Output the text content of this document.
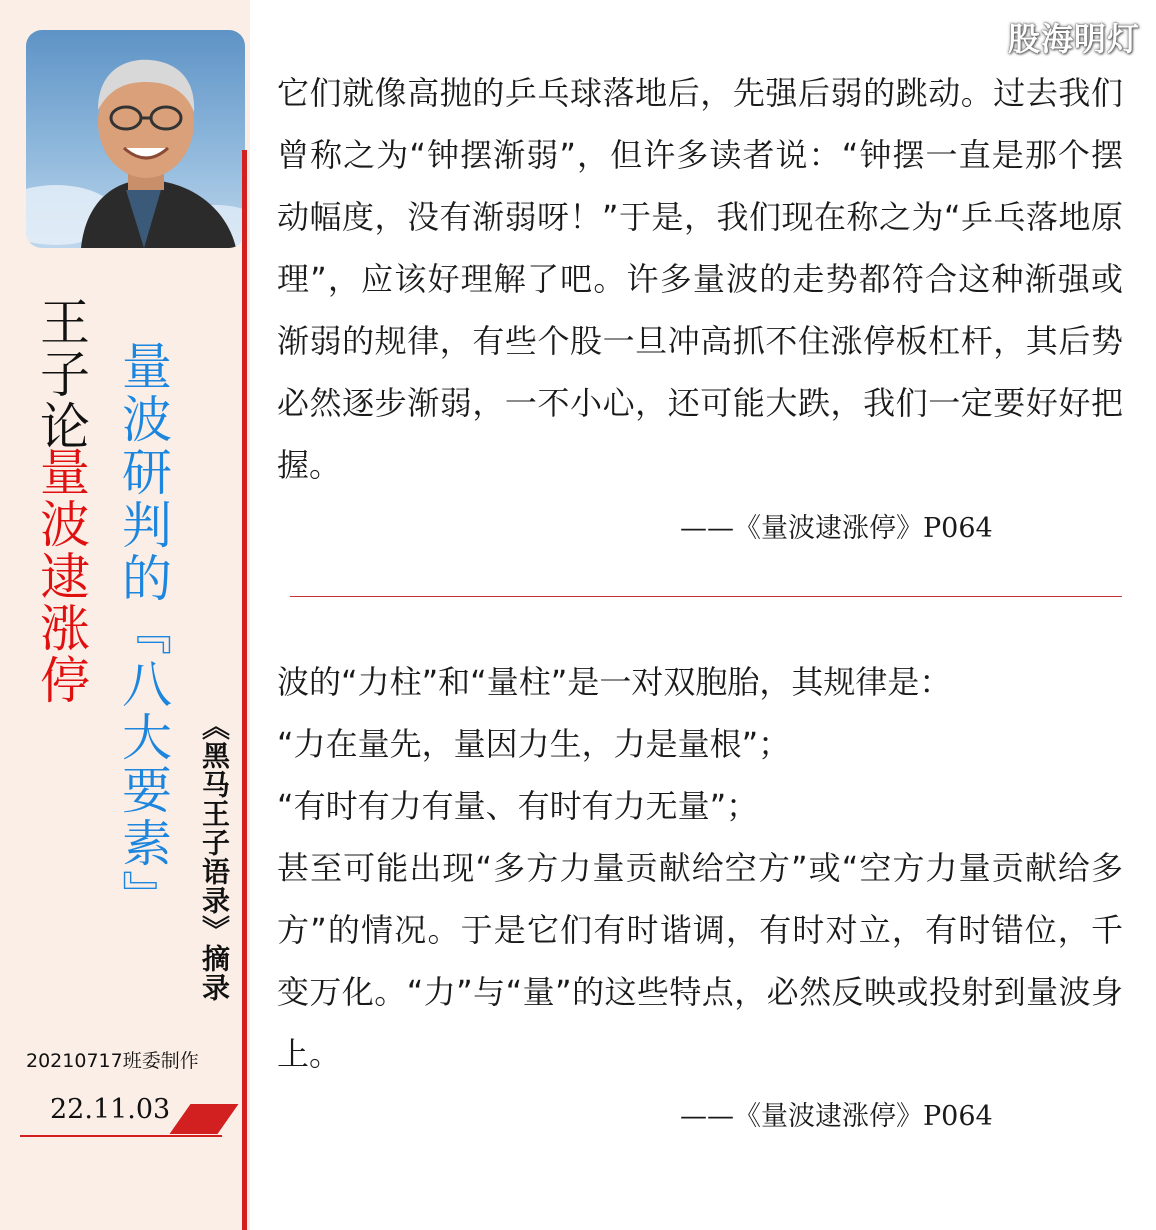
王子论
量波逮涨停 量波研判的『八大要素』 《黑马王子语录》摘录
20210717班委制作
22.11.03
股海明灯

它们就像高抛的乒乓球落地后，先强后弱的跳动。过去我们曾称之为“钟摆渐弱”，但许多读者说：“钟摆一直是那个摆动幅度，没有渐弱呀！”于是，我们现在称之为“乒乓落地原理”，应该好理解了吧。许多量波的走势都符合这种渐强或渐弱的规律，有些个股一旦冲高抓不住涨停板杠杆，其后势必然逐步渐弱，一不小心，还可能大跌，我们一定要好好把握。

——《量波逮涨停》P064

波的“力柱”和“量柱”是一对双胞胎，其规律是：

“力在量先，量因力生，力是量根”；

“有时有力有量、有时有力无量”；

甚至可能出现“多方力量贡献给空方”或“空方力量贡献给多方”的情况。于是它们有时谐调，有时对立，有时错位，千变万化。“力”与“量”的这些特点，必然反映或投射到量波身上。

——《量波逮涨停》P064
